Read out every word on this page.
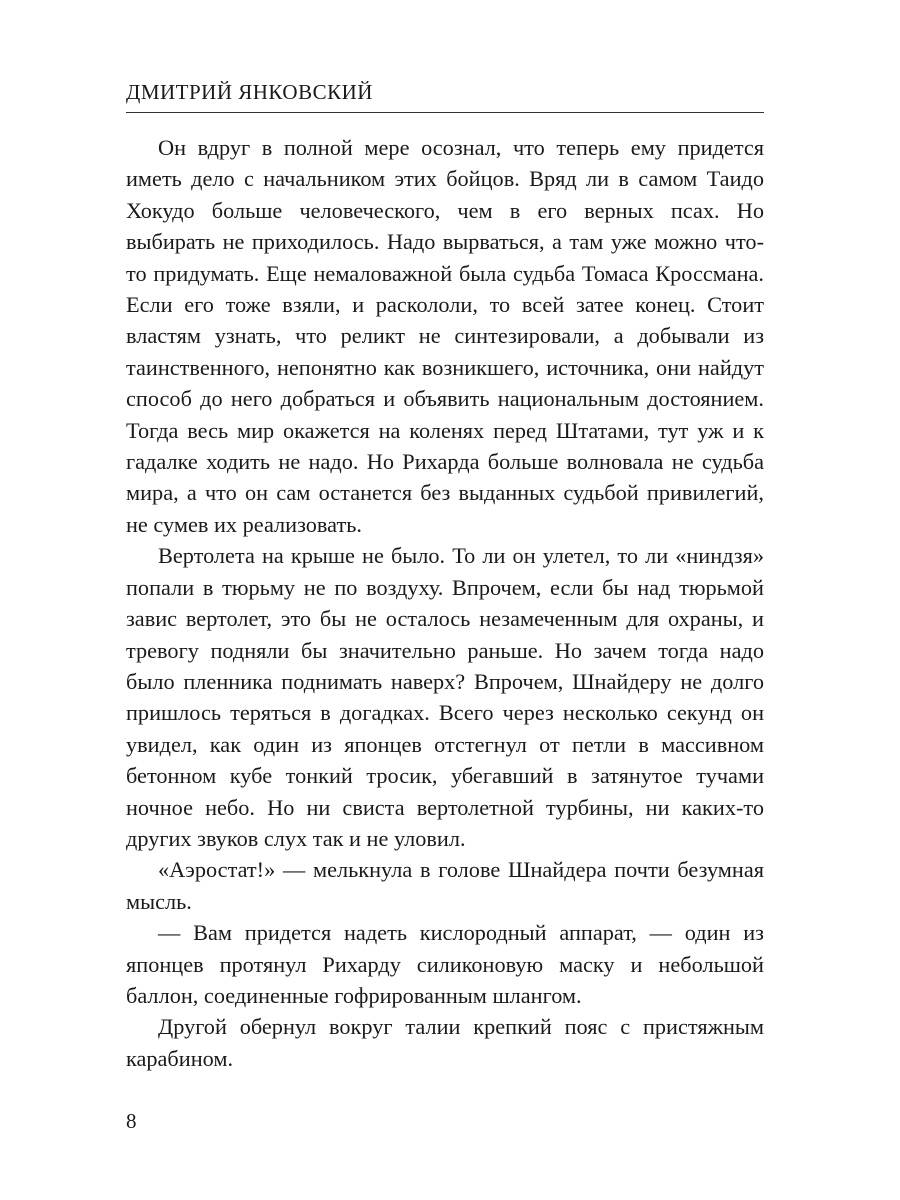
ДМИТРИЙ ЯНКОВСКИЙ

Он вдруг в полной мере осознал, что теперь ему придется иметь дело с начальником этих бойцов. Вряд ли в самом Таидо Хокудо больше человеческого, чем в его верных псах. Но выбирать не приходилось. Надо вырваться, а там уже можно что-то придумать. Еще немаловажной была судьба Томаса Кроссмана. Если его тоже взяли, и раскололи, то всей затее конец. Стоит властям узнать, что реликт не синтезировали, а добывали из таинственного, непонятно как возникшего, источника, они найдут способ до него добраться и объявить национальным достоянием. Тогда весь мир окажется на коленях перед Штатами, тут уж и к гадалке ходить не надо. Но Рихарда больше волновала не судьба мира, а что он сам останется без выданных судьбой привилегий, не сумев их реализовать.

Вертолета на крыше не было. То ли он улетел, то ли «ниндзя» попали в тюрьму не по воздуху. Впрочем, если бы над тюрьмой завис вертолет, это бы не осталось незамеченным для охраны, и тревогу подняли бы значительно раньше. Но зачем тогда надо было пленника поднимать наверх? Впрочем, Шнайдеру не долго пришлось теряться в догадках. Всего через несколько секунд он увидел, как один из японцев отстегнул от петли в массивном бетонном кубе тонкий тросик, убегавший в затянутое тучами ночное небо. Но ни свиста вертолетной турбины, ни каких-то других звуков слух так и не уловил.

«Аэростат!» — мелькнула в голове Шнайдера почти безумная мысль.

— Вам придется надеть кислородный аппарат, — один из японцев протянул Рихарду силиконовую маску и небольшой баллон, соединенные гофрированным шлангом.

Другой обернул вокруг талии крепкий пояс с пристяжным карабином.

8
